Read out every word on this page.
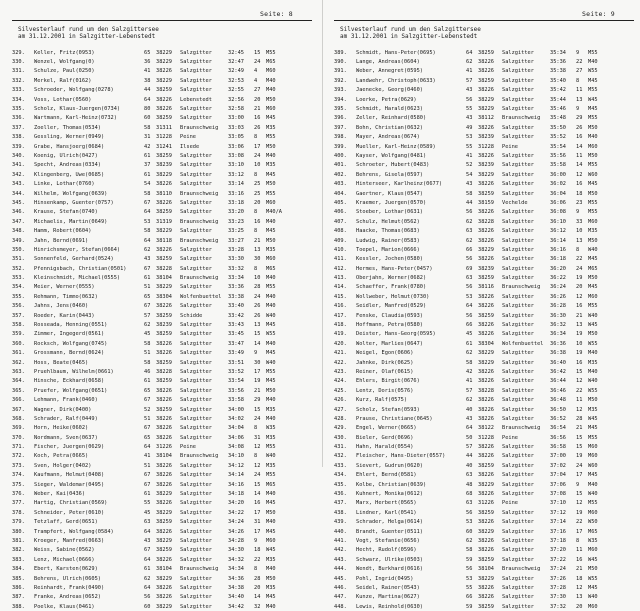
Seite: 8
Silvesterlauf rund um den Salzgittersee
am 31.12.2001 in Salzgitter-Lebenstedt
329.	Keller, Fritz(0953)	65	38229	Salzgitter	32:45	15	M55
330.	Wenzel, Wolfgang(0)	36	38229	Salzgitter	32:47	24	M65
331.	Schulze, Paul(0250)	41	38226	Salzgitter	32:49	4	M60
332.	Merkel, Ralf(0162)	38	38229	Salzgitter	32:53	4	M40
333.	Schroeder, Wolfgang(0278)	44	38259	Salzgitter	32:55	27	M40
334.	Voss, Lothar(0560)	64	38226	Lebenstedt	32:56	20	M50
335.	Scholz, Klaus-Juergen(0734)	80	38226	Salzgitter	32:58	21	M60
336.	Wartmann, Karl-Heinz(0732)	60	38259	Salzgitter	33:00	16	M45
337.	Zoeller, Thomas(0534)	58	31311	Braunschweig	33:03	26	M35
338.	Gessling, Werner(0949)	31	31228	Peine	33:05	8	M55
339.	Grabe, Hansjoerg(0684)	42	31241	Ilsede	33:06	17	M50
340.	Koenig, Ulrich(0427)	61	38259	Salzgitter	33:08	24	M40
341.	Specht, Andreas(0334)	37	38239	Salzgitter	33:10	10	M35
342.	Klingenberg, Uwe(0685)	61	38229	Salzgitter	33:12	8	M45
343.	Linke, Lothar(0760)	54	38226	Salzgitter	33:14	25	M50
344.	Wilhelm, Wolfgang(0639)	58	38110	Braunschweig	33:16	25	M55
345.	Hinsenkamp, Guenter(0757)	67	38226	Salzgitter	33:18	20	M60
346.	Krause, Stefan(0740)	64	38259	Salzgitter	33:20	8	M40/A
347.	Michaelis, Martin(0649)	53	31319	Braunschweig	33:23	16	M40
348.	Hamm, Robert(0604)	58	38229	Salzgitter	33:25	8	M45
349.	Jahn, Bernd(0691)	64	38118	Braunschweig	33:27	21	M50
350.	Hinrichsmeyer, Stefan(0664)	62	38226	Salzgitter	33:28	13	M35
351.	Sonnenfeld, Gerhard(0524)	43	38259	Salzgitter	33:30	30	M60
352.	Pfennigsbach, Christian(0501)	67	38228	Salzgitter	33:32	8	M65
353.	Kleinschmidt, Michael(0555)	61	38104	Braunschweig	33:34	10	M40
354.	Meier, Werner(0555)	51	38229	Salzgitter	33:36	28	M55
355.	Rehmann, Timmo(0632)	65	38304	Wolfenbuettel	33:38	24	M40
356.	Jahns, Jens(0460)	67	38226	Salzgitter	33:40	26	M40
357.	Roeder, Karin(0443)	57	38259	Schidde	33:42	26	W40
358.	Rosseada, Henning(0551)	62	38239	Salzgitter	33:43	13	M45
359.	Zimmer, Ingegerd(0561)	45	38259	Salzgitter	33:45	15	W55
360.	Rocksch, Wolfgang(0745)	58	38226	Salzgitter	33:47	14	M40
361.	Grossmann, Bernd(0624)	51	38226	Salzgitter	33:49	9	M45
362.	Hoss, Beate(0465)	58	38259	Salzgitter	33:51	30	W40
363.	Pruehlbaum, Wilhelm(0661)	46	38228	Salzgitter	33:52	17	M55
364.	Hinsche, Eckhard(0658)	61	38259	Salzgitter	33:54	19	M45
365.	Pruefer, Wolfgang(0651)	65	38226	Salzgitter	33:56	21	M50
366.	Lehmann, Frank(0460)	67	38226	Salzgitter	33:58	29	M40
367.	Wagner, Dirk(0400)	52	38259	Salzgitter	34:00	15	M35
368.	Schrader, Ralf(0449)	51	38226	Salzgitter	34:02	24	M40
369.	Horn, Heike(0602)	67	38226	Salzgitter	34:04	8	W35
370.	Nordmann, Sven(0637)	65	38226	Salzgitter	34:06	31	M35
371.	Fischer, Juergen(0629)	64	31226	Peine	34:08	12	M55
372.	Koch, Petra(0665)	41	38104	Braunschweig	34:10	8	W40
373.	Sven, Holger(0402)	51	38226	Salzgitter	34:12	12	M35
374.	Kaufmann, Helmut(0408)	67	38226	Salzgitter	34:14	24	M55
375.	Sieger, Waldemar(0495)	67	38226	Salzgitter	34:16	15	M65
376.	Weber, Kai(0436)	61	38229	Salzgitter	34:18	14	M40
377.	Hartig, Christian(0569)	55	38226	Salzgitter	34:20	16	M45
378.	Schneider, Peter(0610)	45	38229	Salzgitter	34:22	17	M50
379.	Tetzlaff, Gerd(0651)	63	38259	Salzgitter	34:24	31	M40
380.	Trampfert, Wolfgang(0584)	64	38226	Salzgitter	34:26	17	M45
381.	Kroeger, Manfred(0663)	43	38229	Salzgitter	34:28	9	M60
382.	Weiss, Sabine(0562)	67	38259	Salzgitter	34:30	18	W45
383.	Lenz, Michael(0666)	64	38226	Salzgitter	34:32	22	M35
384.	Ebert, Karsten(0629)	61	38104	Braunschweig	34:34	8	M40
385.	Behrens, Ulrich(0605)	62	38229	Salzgitter	34:36	28	M50
386.	Reinhardt, Frank(0490)	64	38226	Salzgitter	34:38	20	M35
387.	Franke, Andreas(0652)	56	38226	Salzgitter	34:40	14	M45
388.	Poelke, Klaus(0461)	60	38229	Salzgitter	34:42	32	M40
Seite: 9
Silvesterlauf rund um den Salzgittersee
am 31.12.2001 in Salzgitter-Lebenstedt
389.	Schmidt, Hans-Peter(0695)	64	38259	Salzgitter	35:34	9	M55
390.	Lange, Andreas(0604)	62	38226	Salzgitter	35:36	22	M40
391.	Weber, Annegret(0595)	41	38226	Salzgitter	35:38	27	W55
392.	Landwehr, Christoph(0633)	57	38259	Salzgitter	35:40	8	M45
393.	Jaenecke, Georg(0460)	43	38226	Salzgitter	35:42	11	M55
394.	Loerke, Petra(0629)	56	38229	Salzgitter	35:44	13	W45
395.	Schmidt, Harald(0623)	55	38229	Salzgitter	35:46	9	M45
396.	Zeller, Reinhard(0580)	43	38112	Braunschweig	35:48	29	M55
397.	Bohn, Christian(0632)	49	38226	Salzgitter	35:50	26	M50
398.	Mayer, Andreas(0674)	53	38239	Salzgitter	35:52	16	M40
399.	Mueller, Karl-Heinz(0589)	55	31228	Peine	35:54	14	M60
400.	Kayser, Wolfgang(0481)	41	38226	Salzgitter	35:56	11	M50
401.	Schroeter, Hubert(0483)	52	38239	Salzgitter	35:58	14	M55
402.	Behrens, Gisela(0597)	54	38229	Salzgitter	36:00	12	W60
403.	Hinterseer, Karlheinz(0677)	43	38226	Salzgitter	36:02	16	M45
404.	Gaertner, Klaus(0547)	58	38259	Salzgitter	36:04	18	M50
405.	Kraemer, Juergen(0570)	44	38159	Vechelde	36:06	23	M55
406.	Stoeber, Lothar(0631)	56	38226	Salzgitter	36:08	9	M55
407.	Schulz, Helmut(0562)	62	38228	Salzgitter	36:10	33	M60
408.	Haacke, Thomas(0683)	63	38226	Salzgitter	36:12	10	M35
409.	Ludwig, Rainer(0583)	62	38226	Salzgitter	36:14	13	M50
410.	Toepel, Marion(0666)	66	38229	Salzgitter	36:16	8	W40
411.	Kessler, Jochen(0580)	56	38226	Salzgitter	36:18	22	M45
412.	Hermes, Hans-Peter(0457)	69	38239	Salzgitter	36:20	24	M65
413.	Oberjahn, Werner(0682)	63	38259	Salzgitter	36:22	19	M50
414.	Schaeffer, Frank(0780)	56	38116	Braunschweig	36:24	20	M45
415.	Wollweber, Helmut(0730)	53	38226	Salzgitter	36:26	12	M60
416.	Seidler, Manfred(0529)	64	38226	Salzgitter	36:28	16	M55
417.	Fenske, Claudia(0593)	56	38259	Salzgitter	36:30	21	W40
418.	Hoffmann, Petra(0580)	66	38226	Salzgitter	36:32	13	W45
419.	Deister, Hans-Georg(0595)	45	38226	Salzgitter	36:34	19	M50
420.	Wolter, Marlies(0647)	61	38304	Wolfenbuettel	36:36	10	W55
421.	Weigel, Egon(0606)	62	38229	Salzgitter	36:38	19	M40
422.	Jahnke, Dirk(0625)	58	38229	Salzgitter	36:40	16	M35
423.	Reiner, Olaf(0615)	42	38226	Salzgitter	36:42	15	M40
424.	Ehlers, Birgit(0676)	41	38226	Salzgitter	36:44	12	W40
425.	Lentz, Doris(0576)	57	38228	Salzgitter	36:46	22	W55
426.	Kurz, Ralf(0575)	62	38226	Salzgitter	36:48	11	M50
427.	Scholz, Stefan(0593)	40	38226	Salzgitter	36:50	12	M35
428.	Prause, Christiane(0645)	43	38226	Salzgitter	36:52	28	W45
429.	Engel, Werner(0665)	64	38122	Braunschweig	36:54	21	M45
430.	Bieler, Gerd(0696)	50	31228	Peine	36:56	15	M55
431.	Hahn, Harald(0554)	57	38226	Salzgitter	36:58	15	M60
432.	Fleischer, Hans-Dieter(0557)	44	38226	Salzgitter	37:00	19	M60
433.	Sievert, Gudrun(0620)	40	38259	Salzgitter	37:02	24	W60
434.	Ehlert, Bernd(0581)	63	38226	Salzgitter	37:04	17	M45
435.	Kolbe, Christian(0639)	48	38229	Salzgitter	37:06	9	M40
436.	Kuhnert, Monika(0612)	68	38226	Salzgitter	37:08	15	W40
437.	Marx, Herbert(0565)	63	31226	Peine	37:10	12	M55
438.	Lindner, Karl(0541)	56	38259	Salzgitter	37:12	19	M60
439.	Schrader, Helga(0614)	53	38226	Salzgitter	37:14	22	W50
440.	Brandt, Guenter(0511)	60	38229	Salzgitter	37:16	17	M65
441.	Vogt, Stefanie(0656)	62	38226	Salzgitter	37:18	8	W35
442.	Hecht, Rudolf(0596)	58	38226	Salzgitter	37:20	11	M60
443.	Schwarz, Ulrike(0503)	59	38259	Salzgitter	37:22	16	W45
444.	Wendt, Burkhard(0616)	56	38104	Braunschweig	37:24	21	M50
445.	Pohl, Ingrid(0495)	53	38229	Salzgitter	37:26	18	W55
446.	Seidel, Rainer(0543)	55	38226	Salzgitter	37:28	12	M45
447.	Kunze, Martina(0627)	66	38226	Salzgitter	37:30	13	W40
448.	Lewis, Reinhold(0630)	59	38259	Salzgitter	37:32	20	M60
